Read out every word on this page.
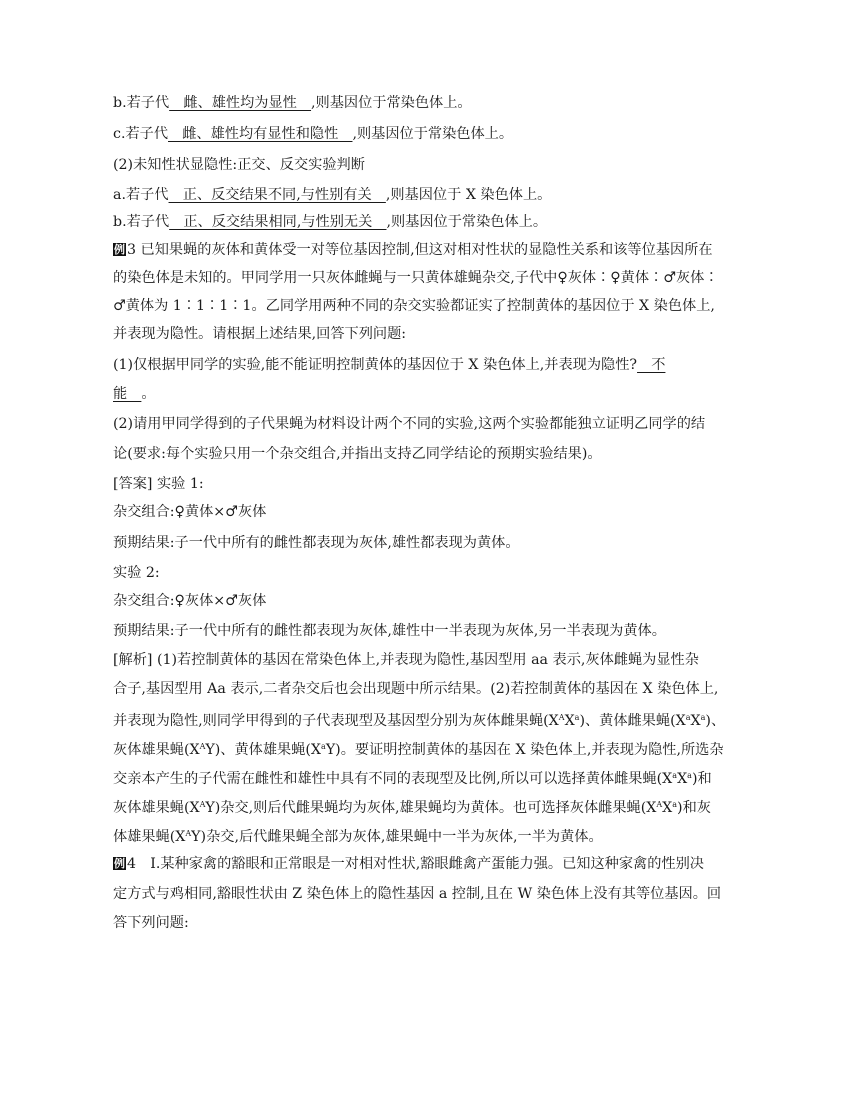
b.若子代　雌、雄性均为显性　,则基因位于常染色体上。
c.若子代　雌、雄性均有显性和隐性　,则基因位于常染色体上。
(2)未知性状显隐性:正交、反交实验判断
a.若子代　正、反交结果不同,与性别有关　,则基因位于 X 染色体上。
b.若子代　正、反交结果相同,与性别无关　,则基因位于常染色体上。
例 3 已知果蝇的灰体和黄体受一对等位基因控制,但这对相对性状的显隐性关系和该等位基因所在
的染色体是未知的。甲同学用一只灰体雌蝇与一只黄体雄蝇杂交,子代中♀灰体∶♀黄体∶♂灰体∶
♂黄体为 1∶1∶1∶1。乙同学用两种不同的杂交实验都证实了控制黄体的基因位于 X 染色体上,
并表现为隐性。请根据上述结果,回答下列问题:
(1)仅根据甲同学的实验,能不能证明控制黄体的基因位于 X 染色体上,并表现为隐性?　不
能　。
(2)请用甲同学得到的子代果蝇为材料设计两个不同的实验,这两个实验都能独立证明乙同学的结
论(要求:每个实验只用一个杂交组合,并指出支持乙同学结论的预期实验结果)。
[答案] 实验 1:
杂交组合:♀黄体×♂灰体
预期结果:子一代中所有的雌性都表现为灰体,雄性都表现为黄体。
实验 2:
杂交组合:♀灰体×♂灰体
预期结果:子一代中所有的雌性都表现为灰体,雄性中一半表现为灰体,另一半表现为黄体。
[解析] (1)若控制黄体的基因在常染色体上,并表现为隐性,基因型用 aa 表示,灰体雌蝇为显性杂
合子,基因型用 Aa 表示,二者杂交后也会出现题中所示结果。(2)若控制黄体的基因在 X 染色体上,
并表现为隐性,则同学甲得到的子代表现型及基因型分别为灰体雌果蝇$(X^AX^a)$、黄体雌果蝇$(X^aX^a)$、
灰体雄果蝇$(X^AY)$、黄体雄果蝇$(X^aY)$。要证明控制黄体的基因在 X 染色体上,并表现为隐性,所选杂
交亲本产生的子代需在雌性和雄性中具有不同的表现型及比例,所以可以选择黄体雌果蝇$(X^aX^a)$和
灰体雄果蝇$(X^AY)$杂交,则后代雌果蝇均为灰体,雄果蝇均为黄体。也可选择灰体雌果蝇$(X^AX^a)$和灰
体雄果蝇$(X^AY)$杂交,后代雌果蝇全部为灰体,雄果蝇中一半为灰体,一半为黄体。
例 4　Ⅰ.某种家禽的豁眼和正常眼是一对相对性状,豁眼雌禽产蛋能力强。已知这种家禽的性别决
定方式与鸡相同,豁眼性状由 Z 染色体上的隐性基因 a 控制,且在 W 染色体上没有其等位基因。回
答下列问题:
